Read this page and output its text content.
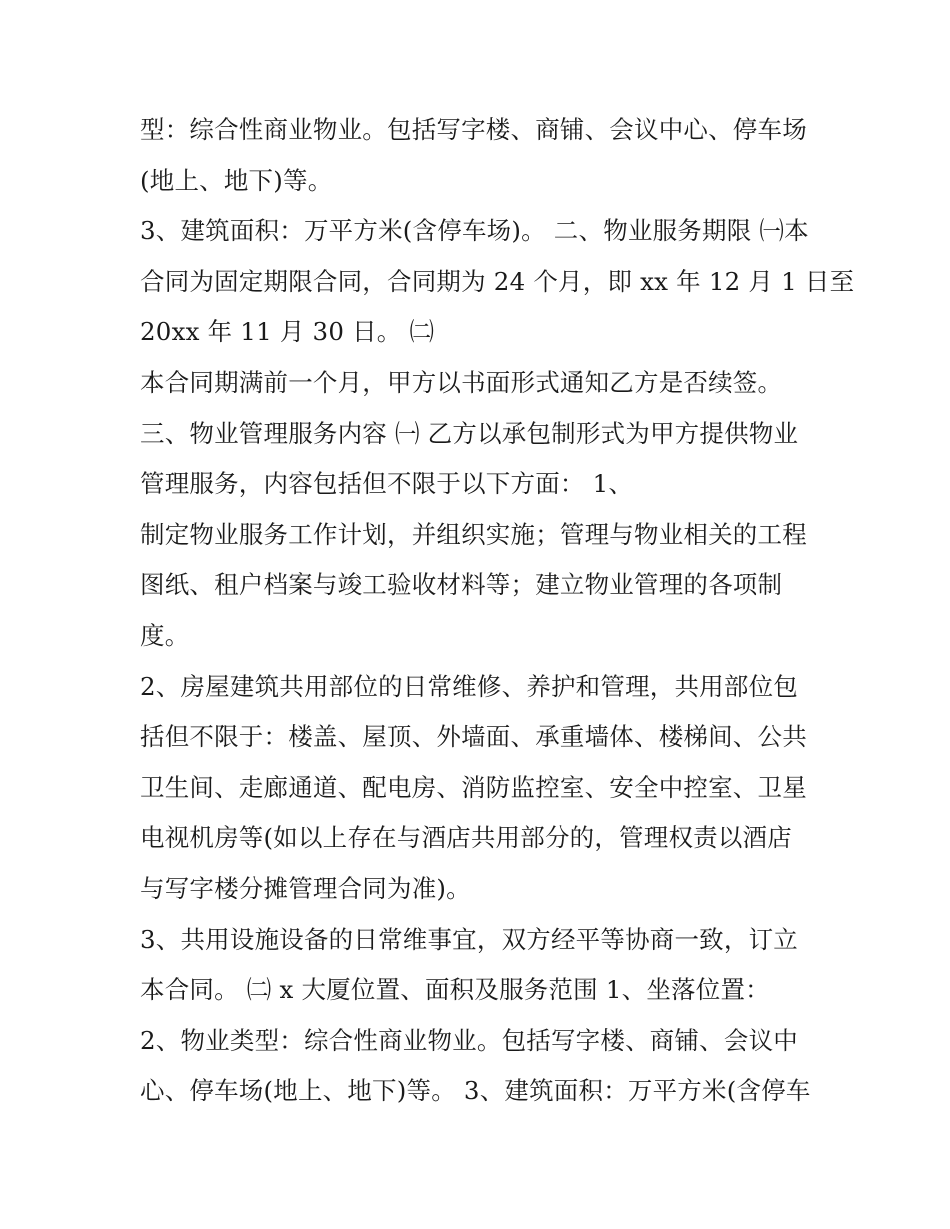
型：综合性商业物业。包括写字楼、商铺、会议中心、停车场
(地上、地下)等。
3、建筑面积：万平方米(含停车场)。 二、物业服务期限 ㈠本
合同为固定期限合同，合同期为 24 个月，即 xx 年 12 月 1 日至
20xx 年 11 月 30 日。 ㈡
本合同期满前一个月，甲方以书面形式通知乙方是否续签。
三、物业管理服务内容 ㈠ 乙方以承包制形式为甲方提供物业
管理服务，内容包括但不限于以下方面： 1、
制定物业服务工作计划，并组织实施；管理与物业相关的工程
图纸、租户档案与竣工验收材料等；建立物业管理的各项制
度。
2、房屋建筑共用部位的日常维修、养护和管理，共用部位包
括但不限于：楼盖、屋顶、外墙面、承重墙体、楼梯间、公共
卫生间、走廊通道、配电房、消防监控室、安全中控室、卫星
电视机房等(如以上存在与酒店共用部分的，管理权责以酒店
与写字楼分摊管理合同为准)。
3、共用设施设备的日常维事宜，双方经平等协商一致，订立
本合同。 ㈡ x 大厦位置、面积及服务范围 1、坐落位置：
2、物业类型：综合性商业物业。包括写字楼、商铺、会议中
心、停车场(地上、地下)等。 3、建筑面积：万平方米(含停车
